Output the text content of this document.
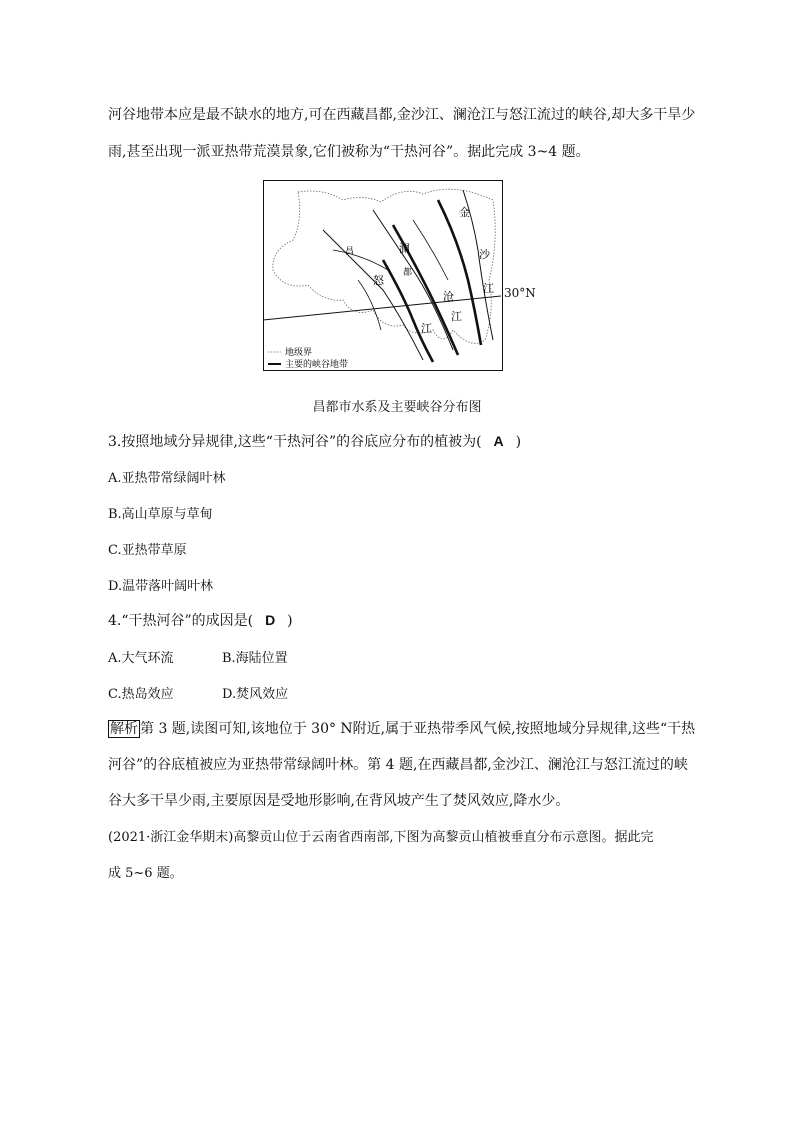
河谷地带本应是最不缺水的地方,可在西藏昌都,金沙江、澜沧江与怒江流过的峡谷,却大多干旱少
雨,甚至出现一派亚热带荒漠景象,它们被称为“干热河谷”。据此完成 3~4 题。
金
沙
江
澜
沧
江
怒
江
昌
都
地级界
主要的峡谷地带
30°N
昌都市水系及主要峡谷分布图
3.按照地域分异规律,这些“干热河谷”的谷底应分布的植被为( A )
A.亚热带常绿阔叶林
B.高山草原与草甸
C.亚热带草原
D.温带落叶阔叶林
4.“干热河谷”的成因是( D )
A.大气环流	B.海陆位置
C.热岛效应	D.焚风效应
解析 第 3 题,读图可知,该地位于 30° N附近,属于亚热带季风气候,按照地域分异规律,这些“干热
河谷”的谷底植被应为亚热带常绿阔叶林。第 4 题,在西藏昌都,金沙江、澜沧江与怒江流过的峡
谷大多干旱少雨,主要原因是受地形影响,在背风坡产生了焚风效应,降水少。
(2021·浙江金华期末)高黎贡山位于云南省西南部,下图为高黎贡山植被垂直分布示意图。据此完
成 5~6 题。
